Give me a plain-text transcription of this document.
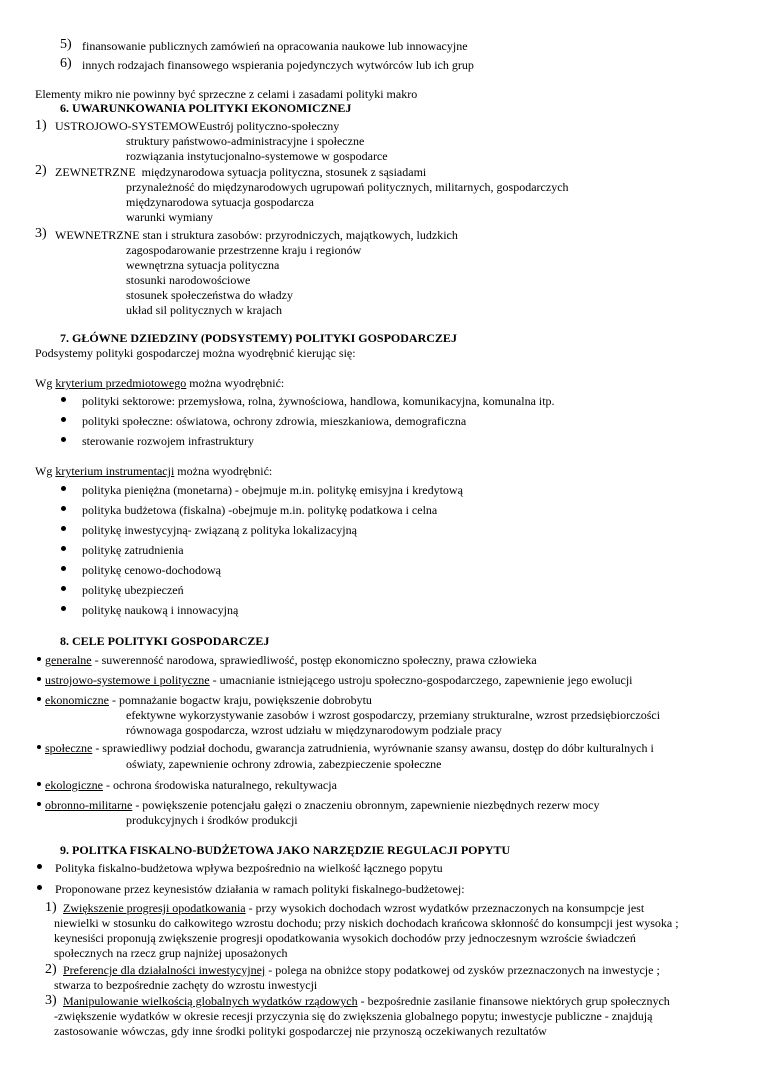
5) finansowanie publicznych zamówień na opracowania naukowe lub innowacyjne
6) innych rodzajach finansowego wspierania pojedynczych wytwórców lub ich grup
Elementy mikro nie powinny być sprzeczne z celami i zasadami polityki makro
6. UWARUNKOWANIA POLITYKI EKONOMICZNEJ
1) USTROJOWO-SYSTEMOWEustrój polityczno-społeczny
struktury państwowo-administracyjne i społeczne
rozwiązania instytucjonalno-systemowe w gospodarce
2) ZEWNETRZNE międzynarodowa sytuacja polityczna, stosunek z sąsiadami
przynależność do międzynarodowych ugrupowań politycznych, militarnych, gospodarczych
międzynarodowa sytuacja gospodarcza
warunki wymiany
3) WEWNETRZNE stan i struktura zasobów: przyrodniczych, majątkowych, ludzkich
zagospodarowanie przestrzenne kraju i regionów
wewnętrzna sytuacja polityczna
stosunki narodowościowe
stosunek społeczeństwa do władzy
układ sil politycznych w krajach
7. GŁÓWNE DZIEDZINY (PODSYSTEMY) POLITYKI GOSPODARCZEJ
Podsystemy polityki gospodarczej można wyodrębnić kierując się:
Wg kryterium przedmiotowego można wyodrębnić:
polityki sektorowe: przemysłowa, rolna, żywnościowa, handlowa, komunikacyjna, komunalna itp.
polityki społeczne: oświatowa, ochrony zdrowia, mieszkaniowa, demograficzna
sterowanie rozwojem infrastruktury
Wg kryterium instrumentacji można wyodrębnić:
polityka pieniężna (monetarna) - obejmuje m.in. politykę emisyjna i kredytową
polityka budżetowa (fiskalna) -obejmuje m.in. politykę podatkowa i celna
politykę inwestycyjną- związaną z polityka lokalizacyjną
politykę zatrudnienia
politykę cenowo-dochodową
politykę ubezpieczeń
politykę naukową i innowacyjną
8. CELE POLITYKI GOSPODARCZEJ
generalne - suwerenność narodowa, sprawiedliwość, postęp ekonomiczno społeczny, prawa człowieka
ustrojowo-systemowe i polityczne - umacnianie istniejącego ustroju społeczno-gospodarczego, zapewnienie jego ewolucji
ekonomiczne - pomnażanie bogactw kraju, powiększenie dobrobytu
efektywne wykorzystywanie zasobów i wzrost gospodarczy, przemiany strukturalne, wzrost przedsiębiorczości
równowaga gospodarcza, wzrost udziału w międzynarodowym podziale pracy
społeczne - sprawiedliwy podział dochodu, gwarancja zatrudnienia, wyrównanie szansy awansu, dostęp do dóbr kulturalnych i
oświaty, zapewnienie ochrony zdrowia, zabezpieczenie społeczne
ekologiczne - ochrona środowiska naturalnego, rekultywacja
obronno-militarne - powiększenie potencjału gałęzi o znaczeniu obronnym, zapewnienie niezbędnych rezerw mocy
produkcyjnych i środków produkcji
9. POLITKA FISKALNO-BUDŻETOWA JAKO NARZĘDZIE REGULACJI POPYTU
Polityka fiskalno-budżetowa wpływa bezpośrednio na wielkość łącznego popytu
Proponowane przez keynesistów działania w ramach polityki fiskalnego-budżetowej:
1) Zwiększenie progresji opodatkowania - przy wysokich dochodach wzrost wydatków przeznaczonych na konsumpcje jest
niewielki w stosunku do całkowitego wzrostu dochodu; przy niskich dochodach krańcowa skłonność do konsumpcji jest wysoka ;
keynesiści proponują zwiększenie progresji opodatkowania wysokich dochodów przy jednoczesnym wzroście świadczeń
społecznych na rzecz grup najniżej uposażonych
2) Preferencje dla działalności inwestycyjnej - polega na obniżce stopy podatkowej od zysków przeznaczonych na inwestycje ;
stwarza to bezpośrednie zachęty do wzrostu inwestycji
3) Manipulowanie wielkością globalnych wydatków rządowych - bezpośrednie zasilanie finansowe niektórych grup społecznych
-zwiększenie wydatków w okresie recesji przyczynia się do zwiększenia globalnego popytu; inwestycje publiczne - znajdują
zastosowanie wówczas, gdy inne środki polityki gospodarczej nie przynoszą oczekiwanych rezultatów
